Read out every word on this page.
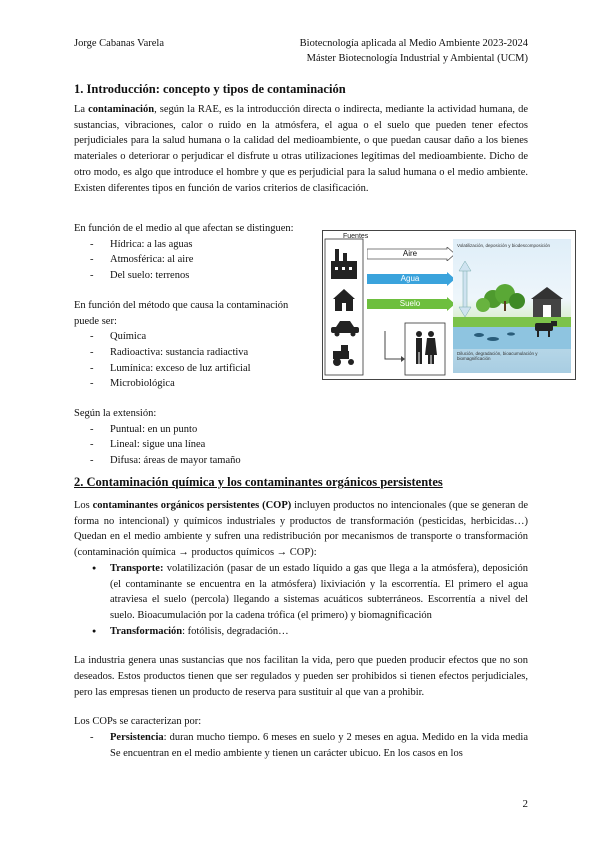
Jorge Cabanas Varela	Biotecnología aplicada al Medio Ambiente 2023-2024
Máster Biotecnología Industrial y Ambiental (UCM)
1. Introducción: concepto y tipos de contaminación

La contaminación, según la RAE, es la introducción directa o indirecta, mediante la actividad humana, de sustancias, vibraciones, calor o ruido en la atmósfera, el agua o el suelo que pueden tener efectos perjudiciales para la salud humana o la calidad del medioambiente, o que puedan causar daño a los bienes materiales o deteriorar o perjudicar el disfrute u otras utilizaciones legítimas del medioambiente. Dicho de otro modo, es algo que introduce el hombre y que es perjudicial para la salud humana o el medio ambiente. Existen diferentes tipos en función de varios criterios de clasificación.

En función de el medio al que afectan se distinguen:

- Hídrica: a las aguas
- Atmosférica: al aire
- Del suelo: terrenos

En función del método que causa la contaminación puede ser:

- Química
- Radioactiva: sustancia radiactiva
- Lumínica: exceso de luz artificial
- Microbiológica

Según la extensión:

- Puntual: en un punto
- Lineal: sigue una línea
- Difusa: áreas de mayor tamaño
Fuentes
Aire
Agua
Suelo
Volatilización, deposición y biodescomposición
Dilución, degradación, bioacumulación y biomagnificación
2. Contaminación química y los contaminantes orgánicos persistentes

Los contaminantes orgánicos persistentes (COP) incluyen productos no intencionales (que se generan de forma no intencional) y químicos industriales y productos de transformación (pesticidas, herbicidas…) Quedan en el medio ambiente y sufren una redistribución por mecanismos de transporte o transformación (contaminación química → productos químicos → COP):

● Transporte: volatilización (pasar de un estado líquido a gas que llega a la atmósfera), deposición (el contaminante se encuentra en la atmósfera) lixiviación y la escorrentía. El primero el agua atraviesa el suelo (percola) llegando a sistemas acuáticos subterráneos. Escorrentía a nivel del suelo. Bioacumulación por la cadena trófica (el primero) y biomagnificación
● Transformación: fotólisis, degradación…

La industria genera unas sustancias que nos facilitan la vida, pero que pueden producir efectos que no son deseados. Estos productos tienen que ser regulados y pueden ser prohibidos si tienen efectos perjudiciales, pero las empresas tienen un producto de reserva para sustituir al que van a prohibir.

Los COPs se caracterizan por:

- Persistencia: duran mucho tiempo. 6 meses en suelo y 2 meses en agua. Medido en la vida media Se encuentran en el medio ambiente y tienen un carácter ubicuo. En los casos en los
2
